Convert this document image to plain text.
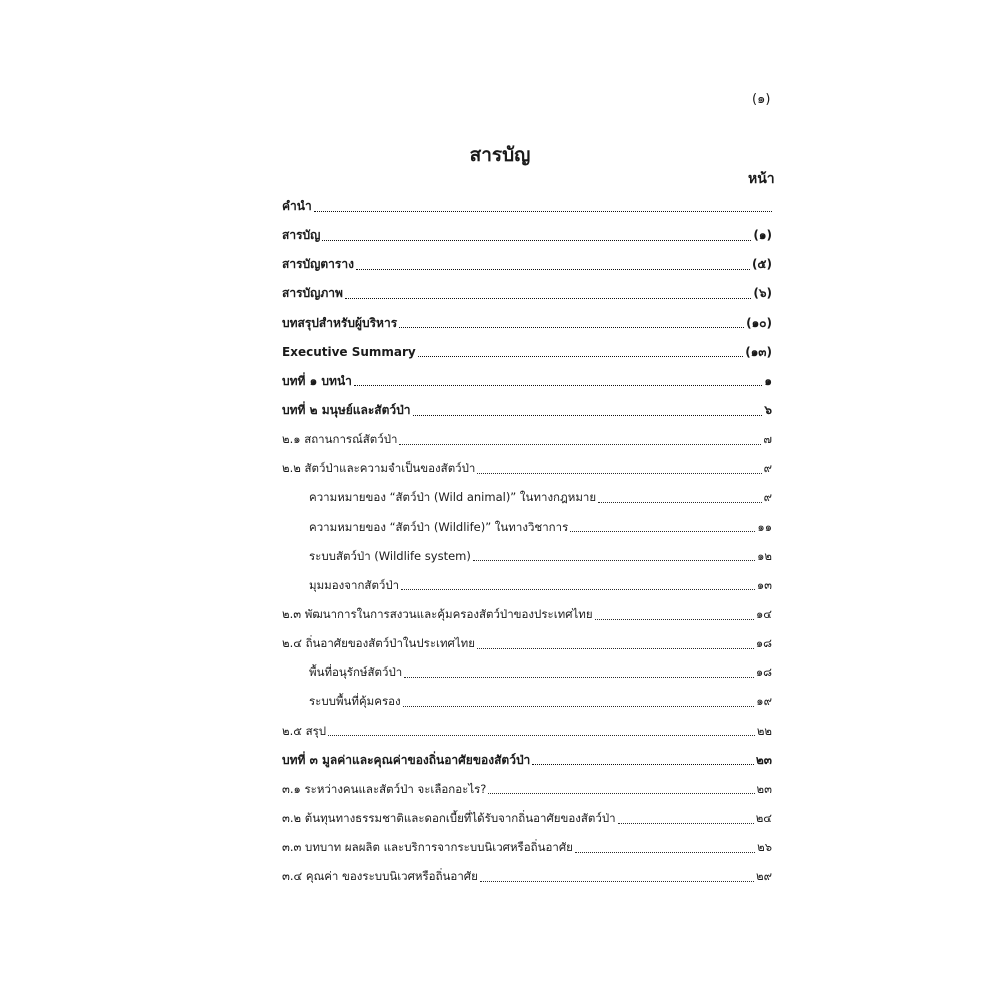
(๑)
สารบัญ
หน้า
คำนำ
สารบัญ	(๑)
สารบัญตาราง	(๕)
สารบัญภาพ	(๖)
บทสรุปสำหรับผู้บริหาร	(๑๐)
Executive Summary	(๑๓)
บทที่ ๑ บทนำ	๑
บทที่ ๒ มนุษย์และสัตว์ป่า	๖
๒.๑ สถานการณ์สัตว์ป่า	๗
๒.๒ สัตว์ป่าและความจำเป็นของสัตว์ป่า	๙
ความหมายของ “สัตว์ป่า (Wild animal)” ในทางกฎหมาย	๙
ความหมายของ “สัตว์ป่า (Wildlife)” ในทางวิชาการ	๑๑
ระบบสัตว์ป่า (Wildlife system)	๑๒
มุมมองจากสัตว์ป่า	๑๓
๒.๓ พัฒนาการในการสงวนและคุ้มครองสัตว์ป่าของประเทศไทย	๑๔
๒.๔ ถิ่นอาศัยของสัตว์ป่าในประเทศไทย	๑๘
พื้นที่อนุรักษ์สัตว์ป่า	๑๘
ระบบพื้นที่คุ้มครอง	๑๙
๒.๕ สรุป	๒๒
บทที่ ๓ มูลค่าและคุณค่าของถิ่นอาศัยของสัตว์ป่า	๒๓
๓.๑ ระหว่างคนและสัตว์ป่า จะเลือกอะไร?	๒๓
๓.๒ ต้นทุนทางธรรมชาติและดอกเบี้ยที่ได้รับจากถิ่นอาศัยของสัตว์ป่า	๒๔
๓.๓ บทบาท ผลผลิต และบริการจากระบบนิเวศหรือถิ่นอาศัย	๒๖
๓.๔ คุณค่า ของระบบนิเวศหรือถิ่นอาศัย	๒๙
